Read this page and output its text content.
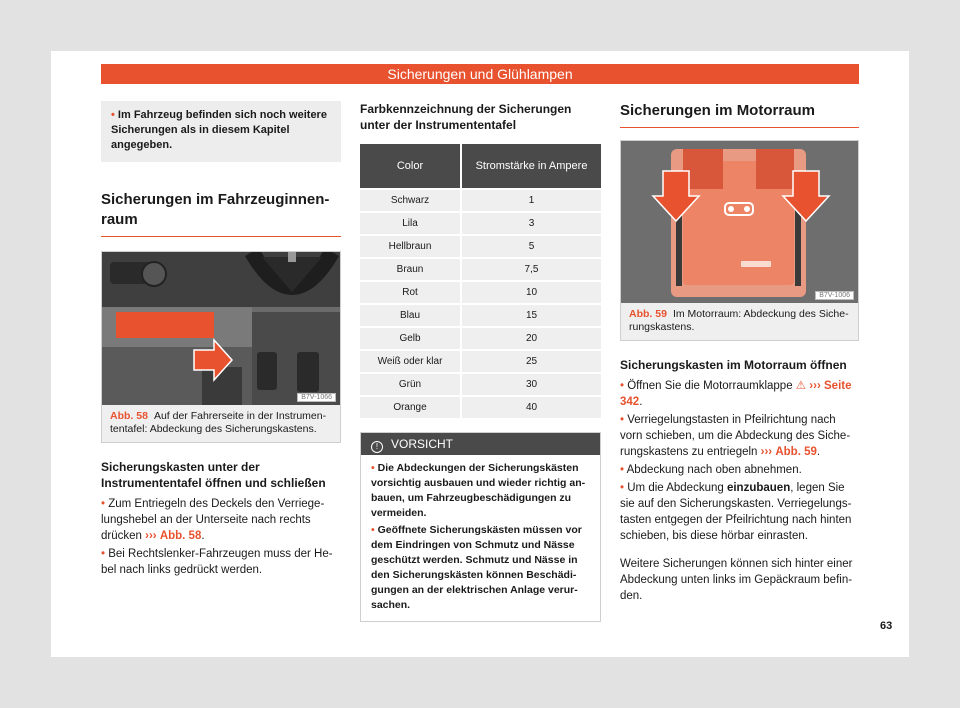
Sicherungen und Glühlampen
• Im Fahrzeug befinden sich noch weitere Sicherungen als in diesem Kapitel angegeben.
Sicherungen im Fahrzeuginnen-
raum
B7V-1066
Abb. 58 Auf der Fahrerseite in der Instrumententafel: Abdeckung des Sicherungskastens.
Sicherungskasten unter der Instrumententafel öffnen und schließen
• Zum Entriegeln des Deckels den Verriegelungshebel an der Unterseite nach rechts drücken ››› Abb. 58.
• Bei Rechtslenker-Fahrzeugen muss der Hebel nach links gedrückt werden.
Farbkennzeichnung der Sicherungen unter der Instrumententafel
Color	Stromstärke in Ampere
Schwarz	1
Lila	3
Hellbraun	5
Braun	7,5
Rot	10
Blau	15
Gelb	20
Weiß oder klar	25
Grün	30
Orange	40
! VORSICHT
• Die Abdeckungen der Sicherungskästen vorsichtig ausbauen und wieder richtig anbauen, um Fahrzeugbeschädigungen zu vermeiden.
• Geöffnete Sicherungskästen müssen vor dem Eindringen von Schmutz und Nässe geschützt werden. Schmutz und Nässe in den Sicherungskästen können Beschädigungen an der elektrischen Anlage verursachen.
Sicherungen im Motorraum
B7V-1006
Abb. 59 Im Motorraum: Abdeckung des Sicherungskastens.
Sicherungskasten im Motorraum öffnen
• Öffnen Sie die Motorraumklappe ⚠ ››› Seite 342.
• Verriegelungstasten in Pfeilrichtung nach vorn schieben, um die Abdeckung des Sicherungskastens zu entriegeln ››› Abb. 59.
• Abdeckung nach oben abnehmen.
• Um die Abdeckung einzubauen, legen Sie sie auf den Sicherungskasten. Verriegelungstasten entgegen der Pfeilrichtung nach hinten schieben, bis diese hörbar einrasten.
Weitere Sicherungen können sich hinter einer Abdeckung unten links im Gepäckraum befinden.
63
